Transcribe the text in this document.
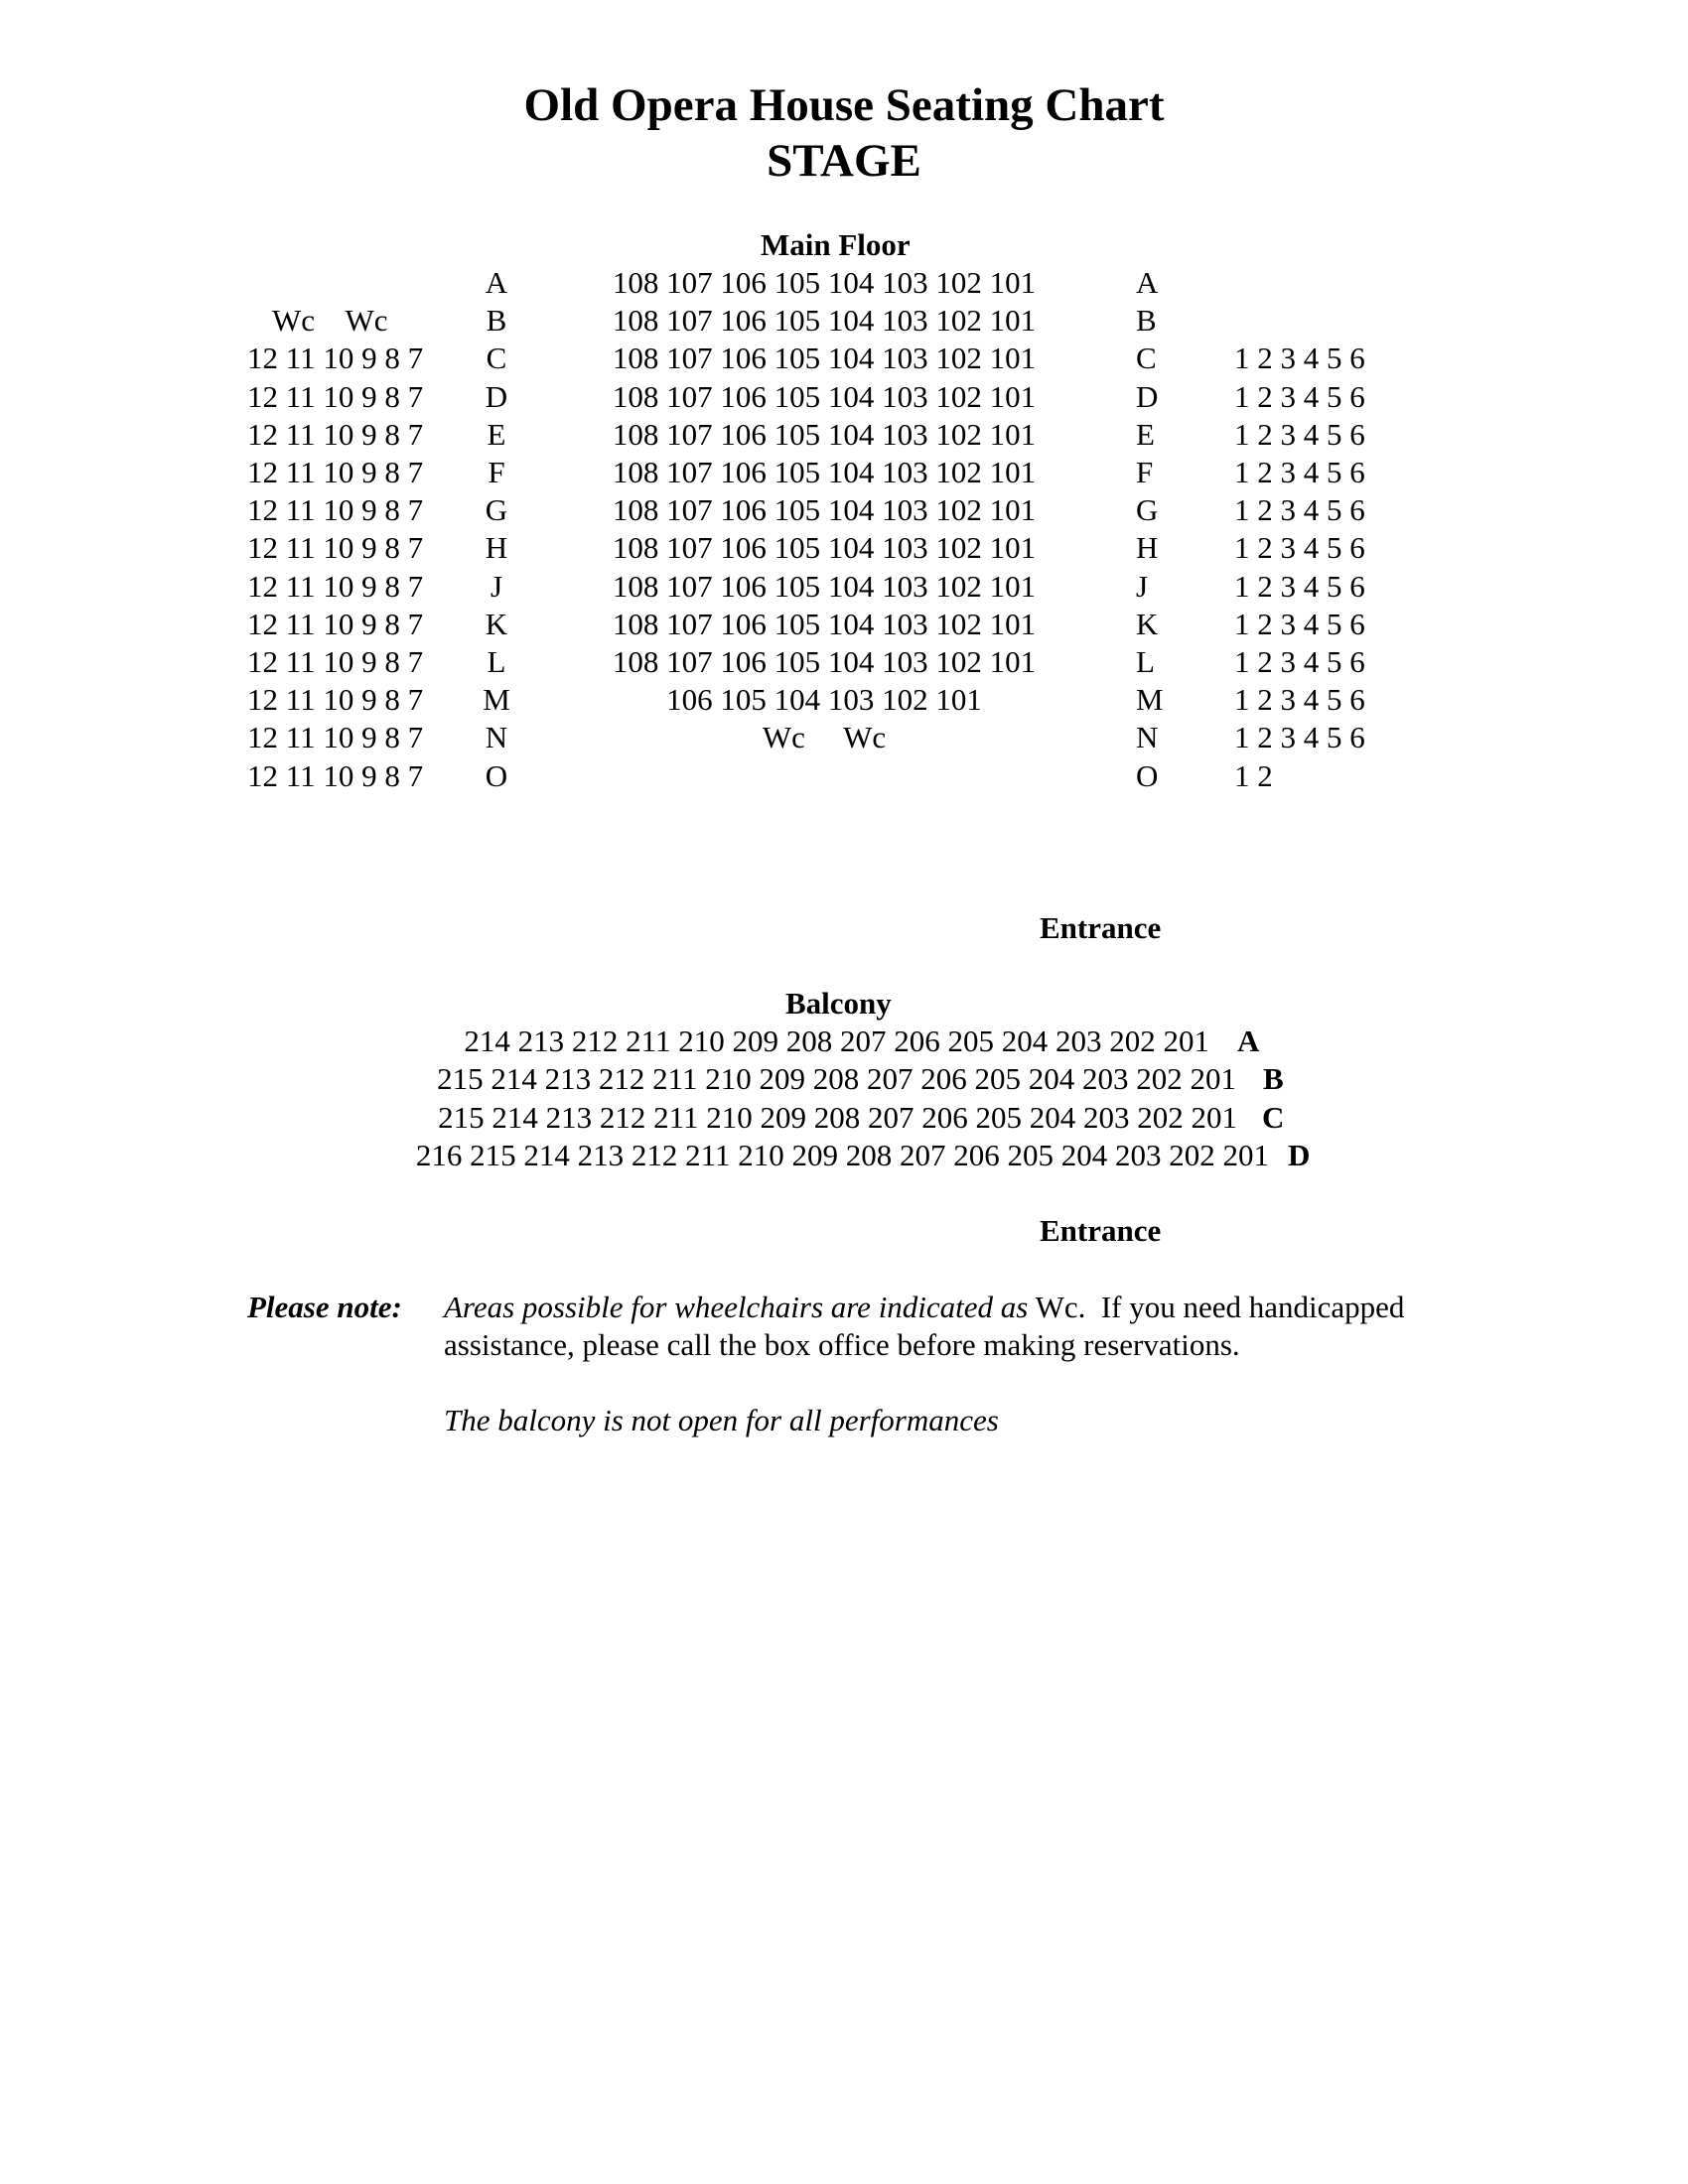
Old Opera House Seating Chart
STAGE
Main Floor
A	108 107 106 105 104 103 102 101	A
Wc    Wc	B	108 107 106 105 104 103 102 101	B
12 11 10 9 8 7	C	108 107 106 105 104 103 102 101	C	1 2 3 4 5 6
12 11 10 9 8 7	D	108 107 106 105 104 103 102 101	D 1 2 3 4 5 6
12 11 10 9 8 7	E	108 107 106 105 104 103 102 101	E	1 2 3 4 5 6
12 11 10 9 8 7	F	108 107 106 105 104 103 102 101	F	1 2 3 4 5 6
12 11 10 9 8 7	G	108 107 106 105 104 103 102 101	G 1 2 3 4 5 6
12 11 10 9 8 7	H	108 107 106 105 104 103 102 101	H 1 2 3 4 5 6
12 11 10 9 8 7	J	108 107 106 105 104 103 102 101	J	1 2 3 4 5 6
12 11 10 9 8 7	K	108 107 106 105 104 103 102 101	K 1 2 3 4 5 6
12 11 10 9 8 7	L	108 107 106 105 104 103 102 101	L	1 2 3 4 5 6
12 11 10 9 8 7	M	106 105 104 103 102 101	M 1 2 3 4 5 6
12 11 10 9 8 7	N	Wc     Wc	N 1 2 3 4 5 6
12 11 10 9 8 7	O	O 1 2
Entrance
Balcony
214 213 212 211 210 209 208 207 206 205 204 203 202 201 A
215 214 213 212 211 210 209 208 207 206 205 204 203 202 201 B
215 214 213 212 211 210 209 208 207 206 205 204 203 202 201 C
216 215 214 213 212 211 210 209 208 207 206 205 204 203 202 201 D
Entrance
Please note: Areas possible for wheelchairs are indicated as Wc. If you need handicapped
assistance, please call the box office before making reservations.
The balcony is not open for all performances
